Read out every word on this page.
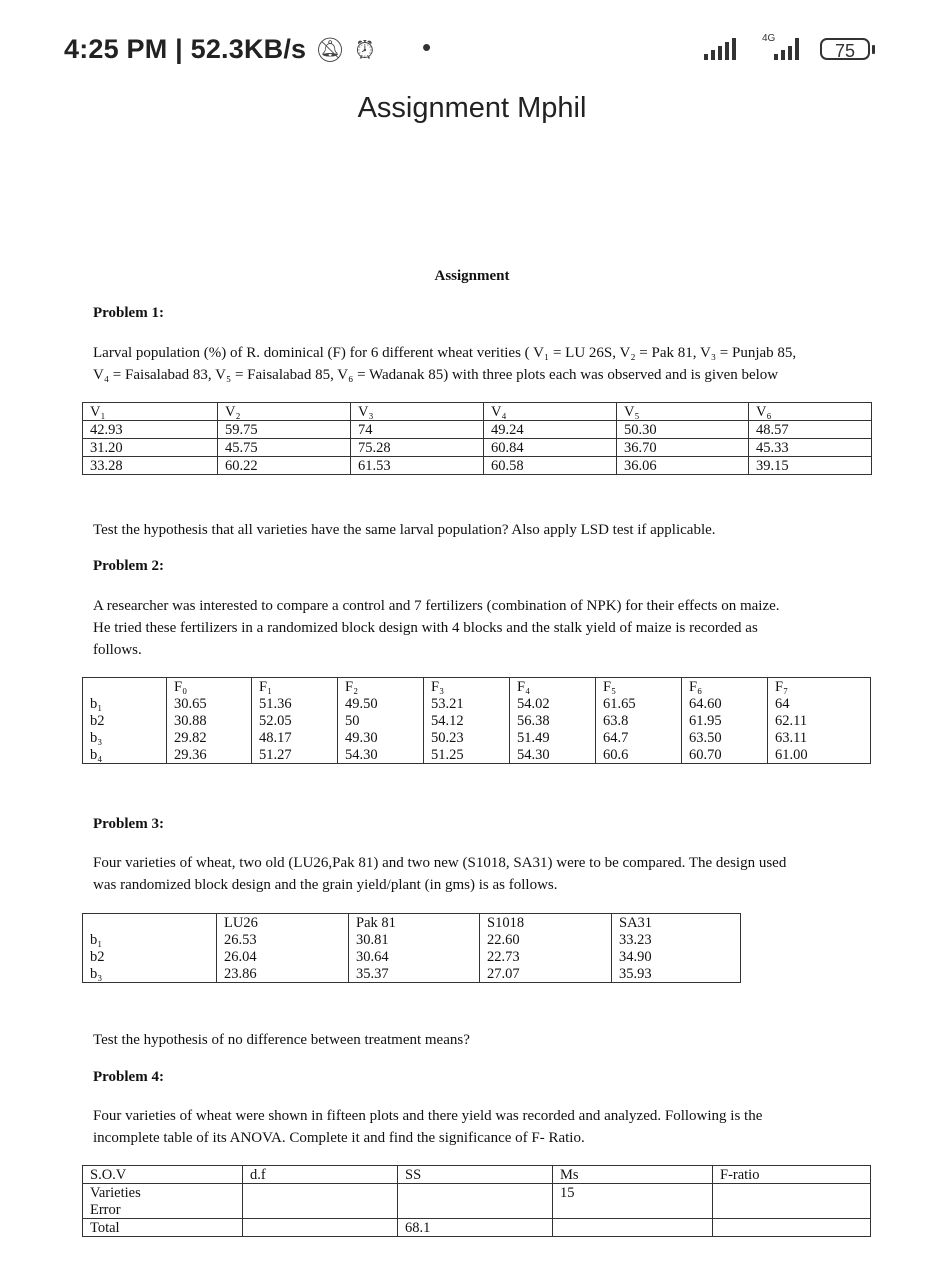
4:25 PM | 52.3KB/s 🔕︎ ⏰︎	•	4G
75
Assignment Mphil
Assignment
Problem 1:
Larval population (%) of R. dominical (F) for 6 different wheat verities ( V₁ = LU 26S, V₂ = Pak 81, V₃ = Punjab 85,
V₄ = Faisalabad 83, V₅ = Faisalabad 85, V₆ = Wadanak 85) with three plots each was observed and is given below
V₁	V₂	V₃	V₄	V₅	V₆
42.93	59.75	74	49.24	50.30	48.57
31.20	45.75	75.28	60.84	36.70	45.33
33.28	60.22	61.53	60.58	36.06	39.15
Test the hypothesis that all varieties have the same larval population? Also apply LSD test if applicable.
Problem 2:
A researcher was interested to compare a control and 7 fertilizers (combination of NPK) for their effects on maize.
He tried these fertilizers in a randomized block design with 4 blocks and the stalk yield of maize is recorded as
follows.
	F₀	F₁	F₂	F₃	F₄	F₅	F₆	F₇
b₁	30.65	51.36	49.50	53.21	54.02	61.65	64.60	64
b2	30.88	52.05	50	54.12	56.38	63.8	61.95	62.11
b₃	29.82	48.17	49.30	50.23	51.49	64.7	63.50	63.11
b₄	29.36	51.27	54.30	51.25	54.30	60.6	60.70	61.00
Problem 3:
Four varieties of wheat, two old (LU26,Pak 81) and two new (S1018, SA31) were to be compared. The design used
was randomized block design and the grain yield/plant (in gms) is as follows.
	LU26	Pak 81	S1018	SA31
b₁	26.53	30.81	22.60	33.23
b2	26.04	30.64	22.73	34.90
b₃	23.86	35.37	27.07	35.93
Test the hypothesis of no difference between treatment means?
Problem 4:
Four varieties of wheat were shown in fifteen plots and there yield was recorded and analyzed. Following is the
incomplete table of its ANOVA. Complete it and find the significance of F- Ratio.
S.O.V	d.f	SS	Ms	F-ratio
Varieties			15	
Error				
Total		68.1		
